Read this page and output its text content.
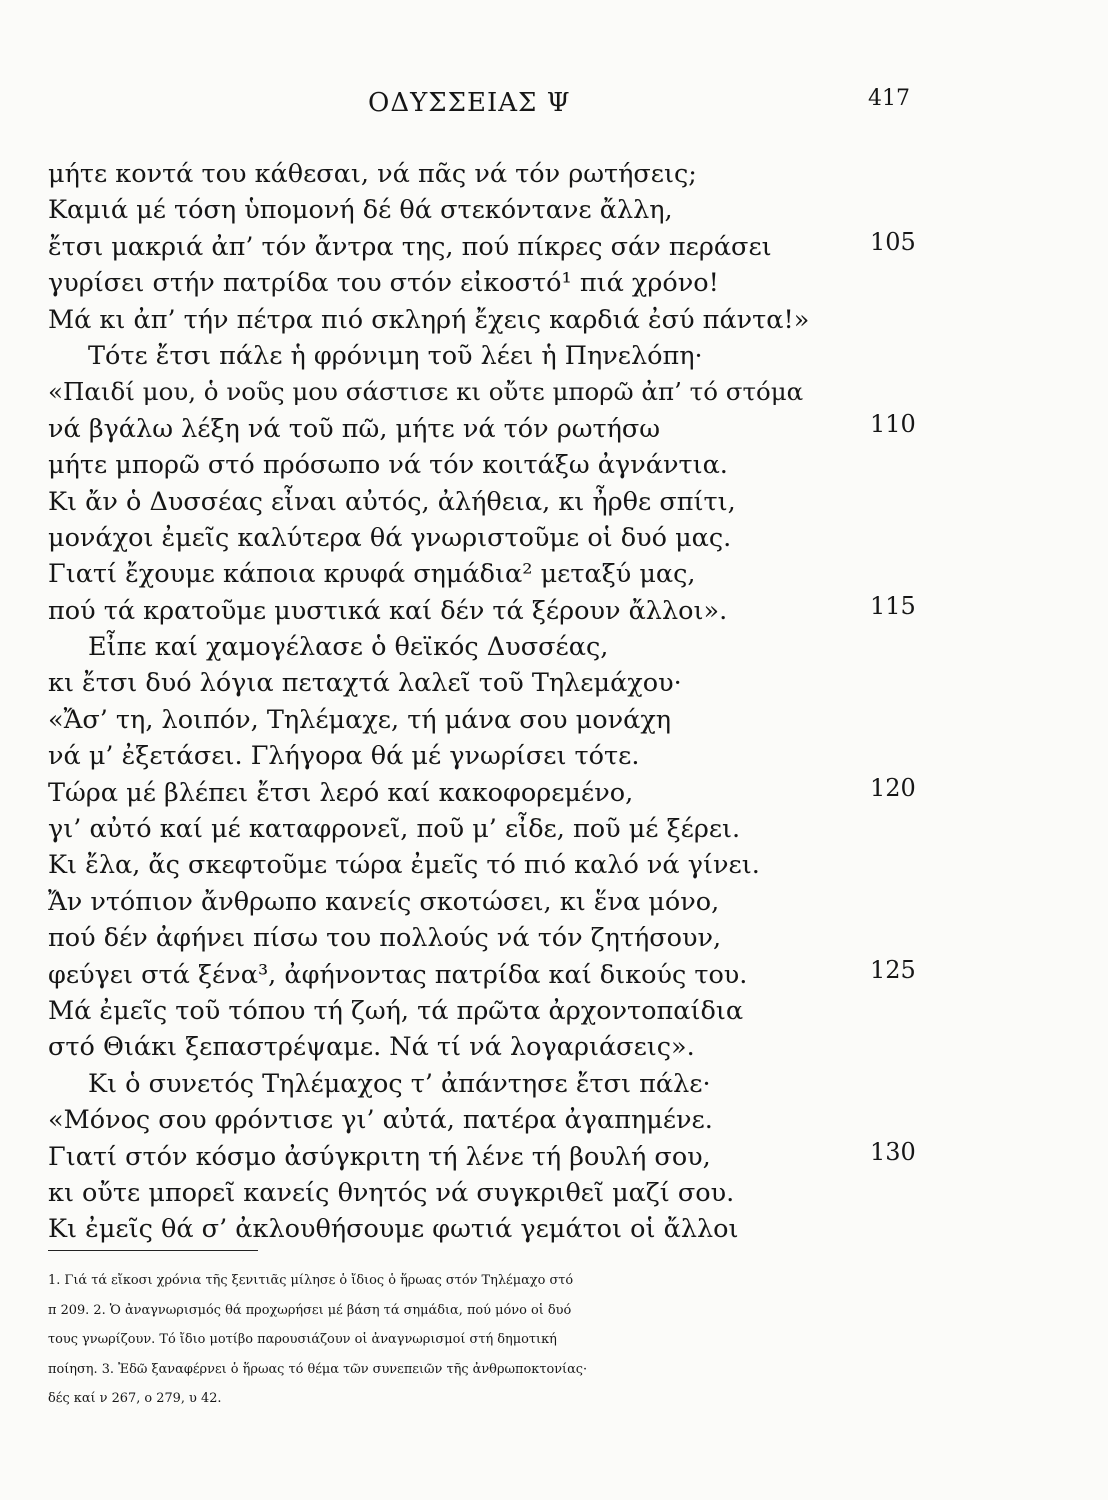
ΟΔΥΣΣΕΙΑΣ Ψ	417
μήτε κοντά του κάθεσαι, νά πᾶς νά τόν ρωτήσεις;
Καμιά μέ τόση ὑπομονή δέ θά στεκόντανε ἄλλη,
ἔτσι μακριά ἀπ’ τόν ἄντρα της, πού πίκρες σάν περάσει	105
γυρίσει στήν πατρίδα του στόν εἰκοστό¹ πιά χρόνο!
Μά κι ἀπ’ τήν πέτρα πιό σκληρή ἔχεις καρδιά ἐσύ πάντα!»
Τότε ἔτσι πάλε ἡ φρόνιμη τοῦ λέει ἡ Πηνελόπη·
«Παιδί μου, ὁ νοῦς μου σάστισε κι οὔτε μπορῶ ἀπ’ τό στόμα
νά βγάλω λέξη νά τοῦ πῶ, μήτε νά τόν ρωτήσω	110
μήτε μπορῶ στό πρόσωπο νά τόν κοιτάξω ἀγνάντια.
Κι ἄν ὁ Δυσσέας εἶναι αὐτός, ἀλήθεια, κι ἦρθε σπίτι,
μονάχοι ἐμεῖς καλύτερα θά γνωριστοῦμε οἱ δυό μας.
Γιατί ἔχουμε κάποια κρυφά σημάδια² μεταξύ μας,
πού τά κρατοῦμε μυστικά καί δέν τά ξέρουν ἄλλοι».	115
Εἶπε καί χαμογέλασε ὁ θεϊκός Δυσσέας,
κι ἔτσι δυό λόγια πεταχτά λαλεῖ τοῦ Τηλεμάχου·
«Ἄσ’ τη, λοιπόν, Τηλέμαχε, τή μάνα σου μονάχη
νά μ’ ἐξετάσει. Γλήγορα θά μέ γνωρίσει τότε.
Τώρα μέ βλέπει ἔτσι λερό καί κακοφορεμένο,	120
γι’ αὐτό καί μέ καταφρονεῖ, ποῦ μ’ εἶδε, ποῦ μέ ξέρει.
Κι ἔλα, ἄς σκεφτοῦμε τώρα ἐμεῖς τό πιό καλό νά γίνει.
Ἄν ντόπιον ἄνθρωπο κανείς σκοτώσει, κι ἕνα μόνο,
πού δέν ἀφήνει πίσω του πολλούς νά τόν ζητήσουν,
φεύγει στά ξένα³, ἀφήνοντας πατρίδα καί δικούς του.	125
Μά ἐμεῖς τοῦ τόπου τή ζωή, τά πρῶτα ἀρχοντοπαίδια
στό Θιάκι ξεπαστρέψαμε. Νά τί νά λογαριάσεις».
Κι ὁ συνετός Τηλέμαχος τ’ ἀπάντησε ἔτσι πάλε·
«Μόνος σου φρόντισε γι’ αὐτά, πατέρα ἀγαπημένε.
Γιατί στόν κόσμο ἀσύγκριτη τή λένε τή βουλή σου,	130
κι οὔτε μπορεῖ κανείς θνητός νά συγκριθεῖ μαζί σου.
Κι ἐμεῖς θά σ’ ἀκλουθήσουμε φωτιά γεμάτοι οἱ ἄλλοι
1. Γιά τά εἴκοσι χρόνια τῆς ξενιτιᾶς μίλησε ὁ ἴδιος ὁ ἥρωας στόν Τηλέμαχο στό
π 209. 2. Ὁ ἀναγνωρισμός θά προχωρήσει μέ βάση τά σημάδια, πού μόνο οἱ δυό
τους γνωρίζουν. Τό ἴδιο μοτίβο παρουσιάζουν οἱ ἀναγνωρισμοί στή δημοτική
ποίηση. 3. Ἐδῶ ξαναφέρνει ὁ ἥρωας τό θέμα τῶν συνεπειῶν τῆς ἀνθρωποκτονίας·
δές καί ν 267, ο 279, υ 42.
